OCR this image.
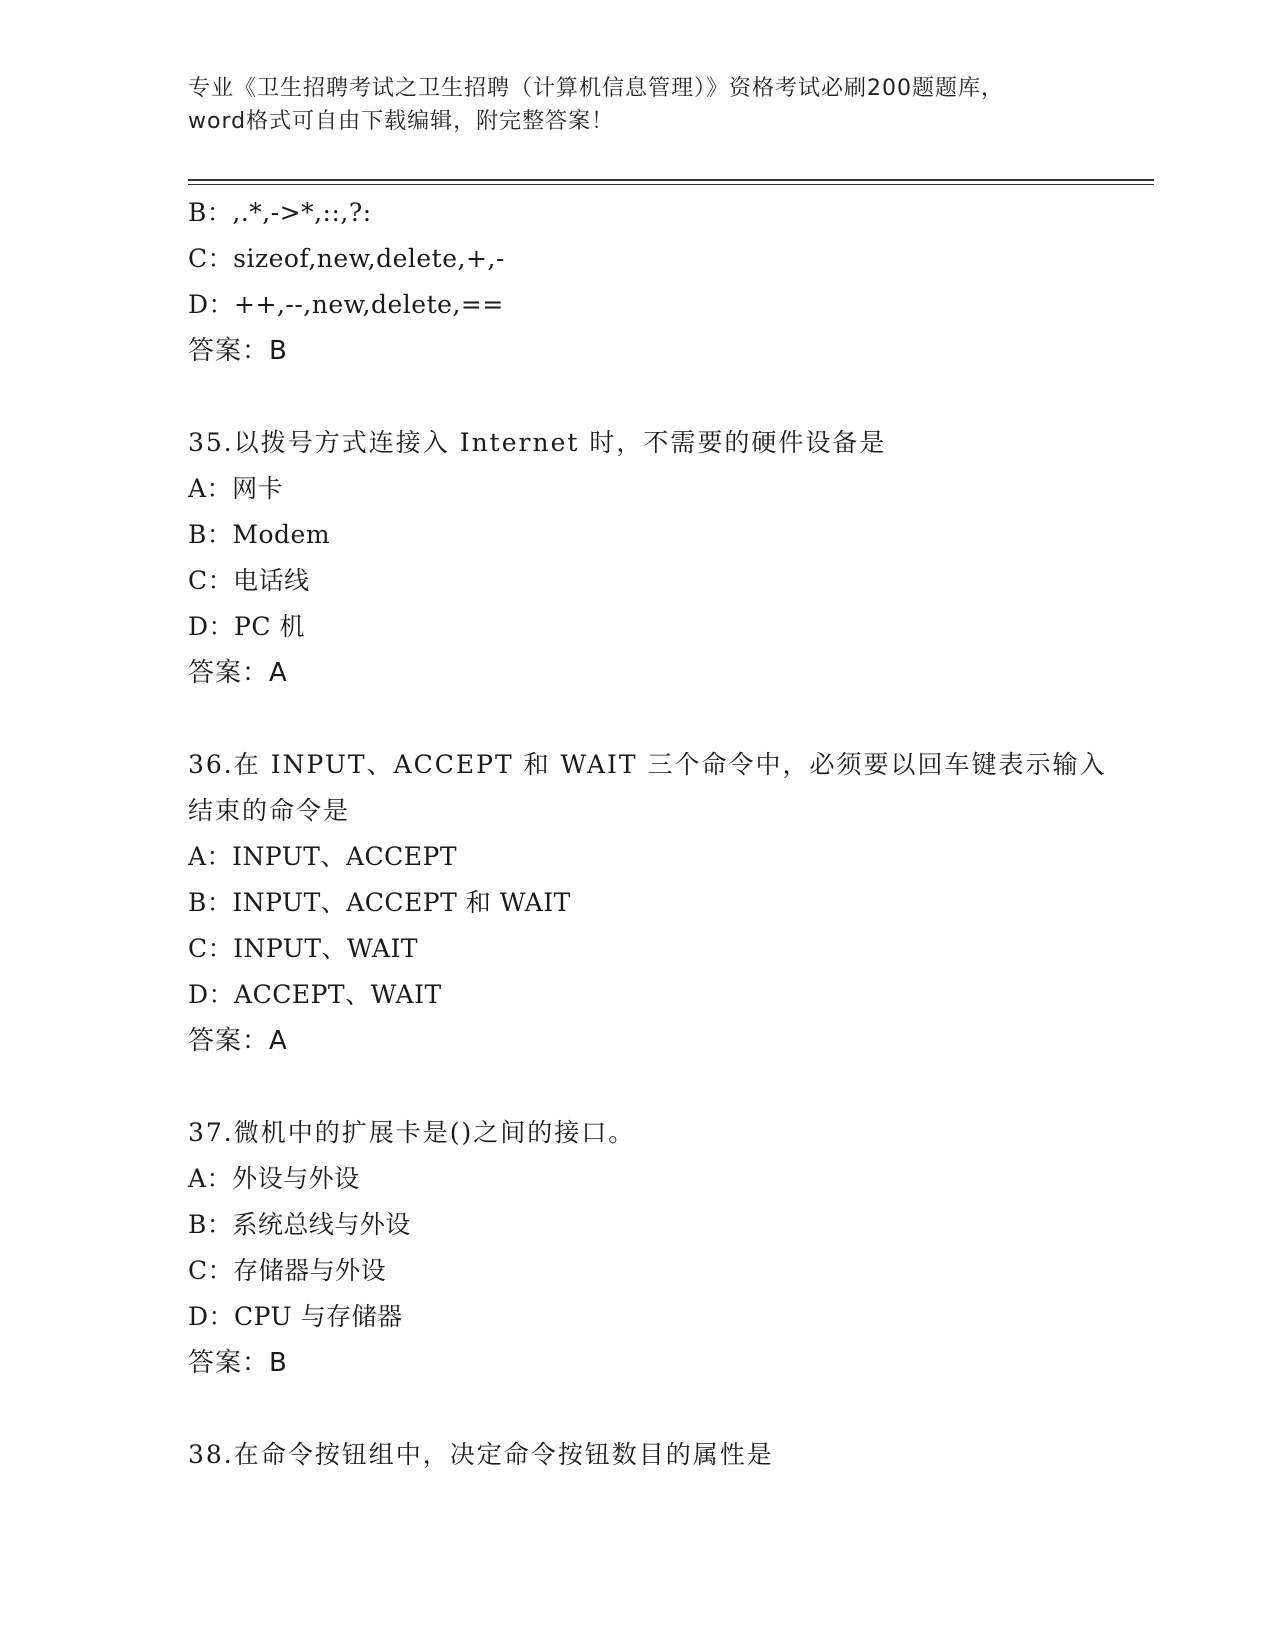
专业《卫生招聘考试之卫生招聘（计算机信息管理）》资格考试必刷200题题库，
word格式可自由下载编辑，附完整答案！
B：,.*,->*,::,?:
C：sizeof,new,delete,+,-
D：++,--,new,delete,==
答案：B
35.以拨号方式连接入 Internet 时，不需要的硬件设备是
A：网卡
B：Modem
C：电话线
D：PC 机
答案：A
36.在 INPUT、ACCEPT 和 WAIT 三个命令中，必须要以回车键表示输入
结束的命令是
A：INPUT、ACCEPT
B：INPUT、ACCEPT 和 WAIT
C：INPUT、WAIT
D：ACCEPT、WAIT
答案：A
37.微机中的扩展卡是()之间的接口。
A：外设与外设
B：系统总线与外设
C：存储器与外设
D：CPU 与存储器
答案：B
38.在命令按钮组中，决定命令按钮数目的属性是
